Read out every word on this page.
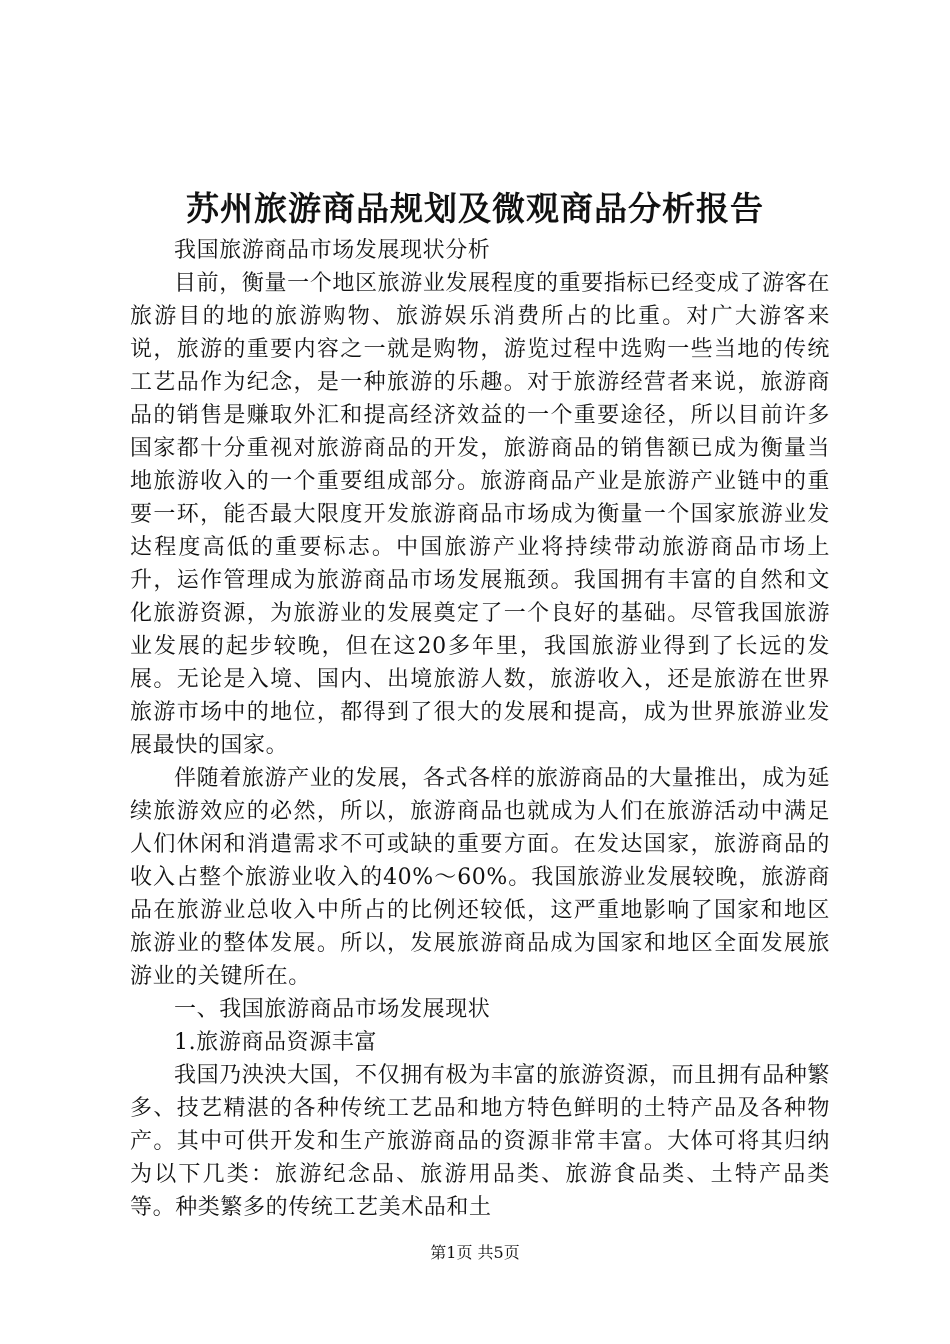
苏州旅游商品规划及微观商品分析报告

我国旅游商品市场发展现状分析

目前，衡量一个地区旅游业发展程度的重要指标已经变成了游客在旅游目的地的旅游购物、旅游娱乐消费所占的比重。对广大游客来说，旅游的重要内容之一就是购物，游览过程中选购一些当地的传统工艺品作为纪念，是一种旅游的乐趣。对于旅游经营者来说，旅游商品的销售是赚取外汇和提高经济效益的一个重要途径，所以目前许多国家都十分重视对旅游商品的开发，旅游商品的销售额已成为衡量当地旅游收入的一个重要组成部分。旅游商品产业是旅游产业链中的重要一环，能否最大限度开发旅游商品市场成为衡量一个国家旅游业发达程度高低的重要标志。中国旅游产业将持续带动旅游商品市场上升，运作管理成为旅游商品市场发展瓶颈。我国拥有丰富的自然和文化旅游资源，为旅游业的发展奠定了一个良好的基础。尽管我国旅游业发展的起步较晚，但在这20多年里，我国旅游业得到了长远的发展。无论是入境、国内、出境旅游人数，旅游收入，还是旅游在世界旅游市场中的地位，都得到了很大的发展和提高，成为世界旅游业发展最快的国家。

伴随着旅游产业的发展，各式各样的旅游商品的大量推出，成为延续旅游效应的必然，所以，旅游商品也就成为人们在旅游活动中满足人们休闲和消遣需求不可或缺的重要方面。在发达国家，旅游商品的收入占整个旅游业收入的40%～60%。我国旅游业发展较晚，旅游商品在旅游业总收入中所占的比例还较低，这严重地影响了国家和地区旅游业的整体发展。所以，发展旅游商品成为国家和地区全面发展旅游业的关键所在。

一、我国旅游商品市场发展现状

1.旅游商品资源丰富

我国乃泱泱大国，不仅拥有极为丰富的旅游资源，而且拥有品种繁多、技艺精湛的各种传统工艺品和地方特色鲜明的土特产品及各种物产。其中可供开发和生产旅游商品的资源非常丰富。大体可将其归纳为以下几类：旅游纪念品、旅游用品类、旅游食品类、土特产品类等。种类繁多的传统工艺美术品和土

第1页 共5页
